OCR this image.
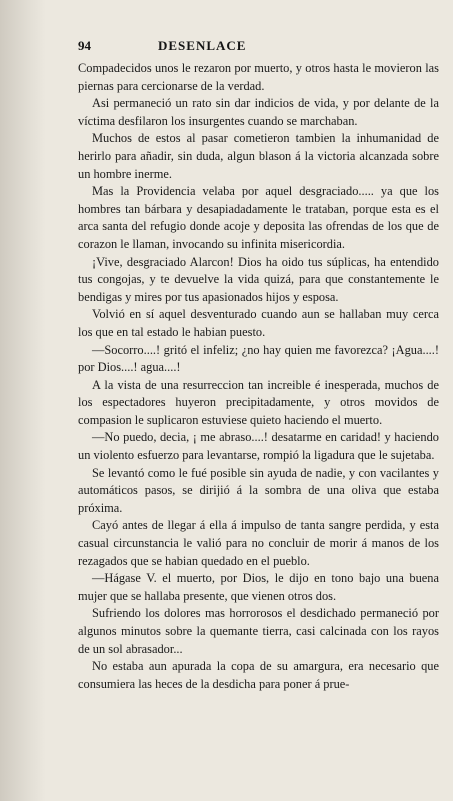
94	DESENLACE

Compadecidos unos le rezaron por muerto, y otros hasta le movieron las piernas para cercionarse de la verdad.

Asi permaneció un rato sin dar indicios de vida, y por delante de la víctima desfilaron los insurgentes cuando se marchaban.

Muchos de estos al pasar cometieron tambien la inhumanidad de herirlo para añadir, sin duda, algun blason á la victoria alcanzada sobre un hombre inerme.

Mas la Providencia velaba por aquel desgraciado..... ya que los hombres tan bárbara y desapiadadamente le trataban, porque esta es el arca santa del refugio donde acoje y deposita las ofrendas de los que de corazon le llaman, invocando su infinita misericordia.

¡Vive, desgraciado Alarcon! Dios ha oido tus súplicas, ha entendido tus congojas, y te devuelve la vida quizá, para que constantemente le bendigas y mires por tus apasionados hijos y esposa.

Volvió en sí aquel desventurado cuando aun se hallaban muy cerca los que en tal estado le habian puesto.

—Socorro....! gritó el infeliz; ¿no hay quien me favorezca? ¡Agua....! por Dios....! agua....!

A la vista de una resurreccion tan increible é inesperada, muchos de los espectadores huyeron precipitadamente, y otros movidos de compasion le suplicaron estuviese quieto haciendo el muerto.

—No puedo, decia, ¡ me abraso....! desatarme en caridad! y haciendo un violento esfuerzo para levantarse, rompió la ligadura que le sujetaba.

Se levantó como le fué posible sin ayuda de nadie, y con vacilantes y automáticos pasos, se dirijió á la sombra de una oliva que estaba próxima.

Cayó antes de llegar á ella á impulso de tanta sangre perdida, y esta casual circunstancia le valió para no concluir de morir á manos de los rezagados que se habian quedado en el pueblo.

—Hágase V. el muerto, por Dios, le dijo en tono bajo una buena mujer que se hallaba presente, que vienen otros dos.

Sufriendo los dolores mas horrorosos el desdichado permaneció por algunos minutos sobre la quemante tierra, casi calcinada con los rayos de un sol abrasador...

No estaba aun apurada la copa de su amargura, era necesario que consumiera las heces de la desdicha para poner á prue-
